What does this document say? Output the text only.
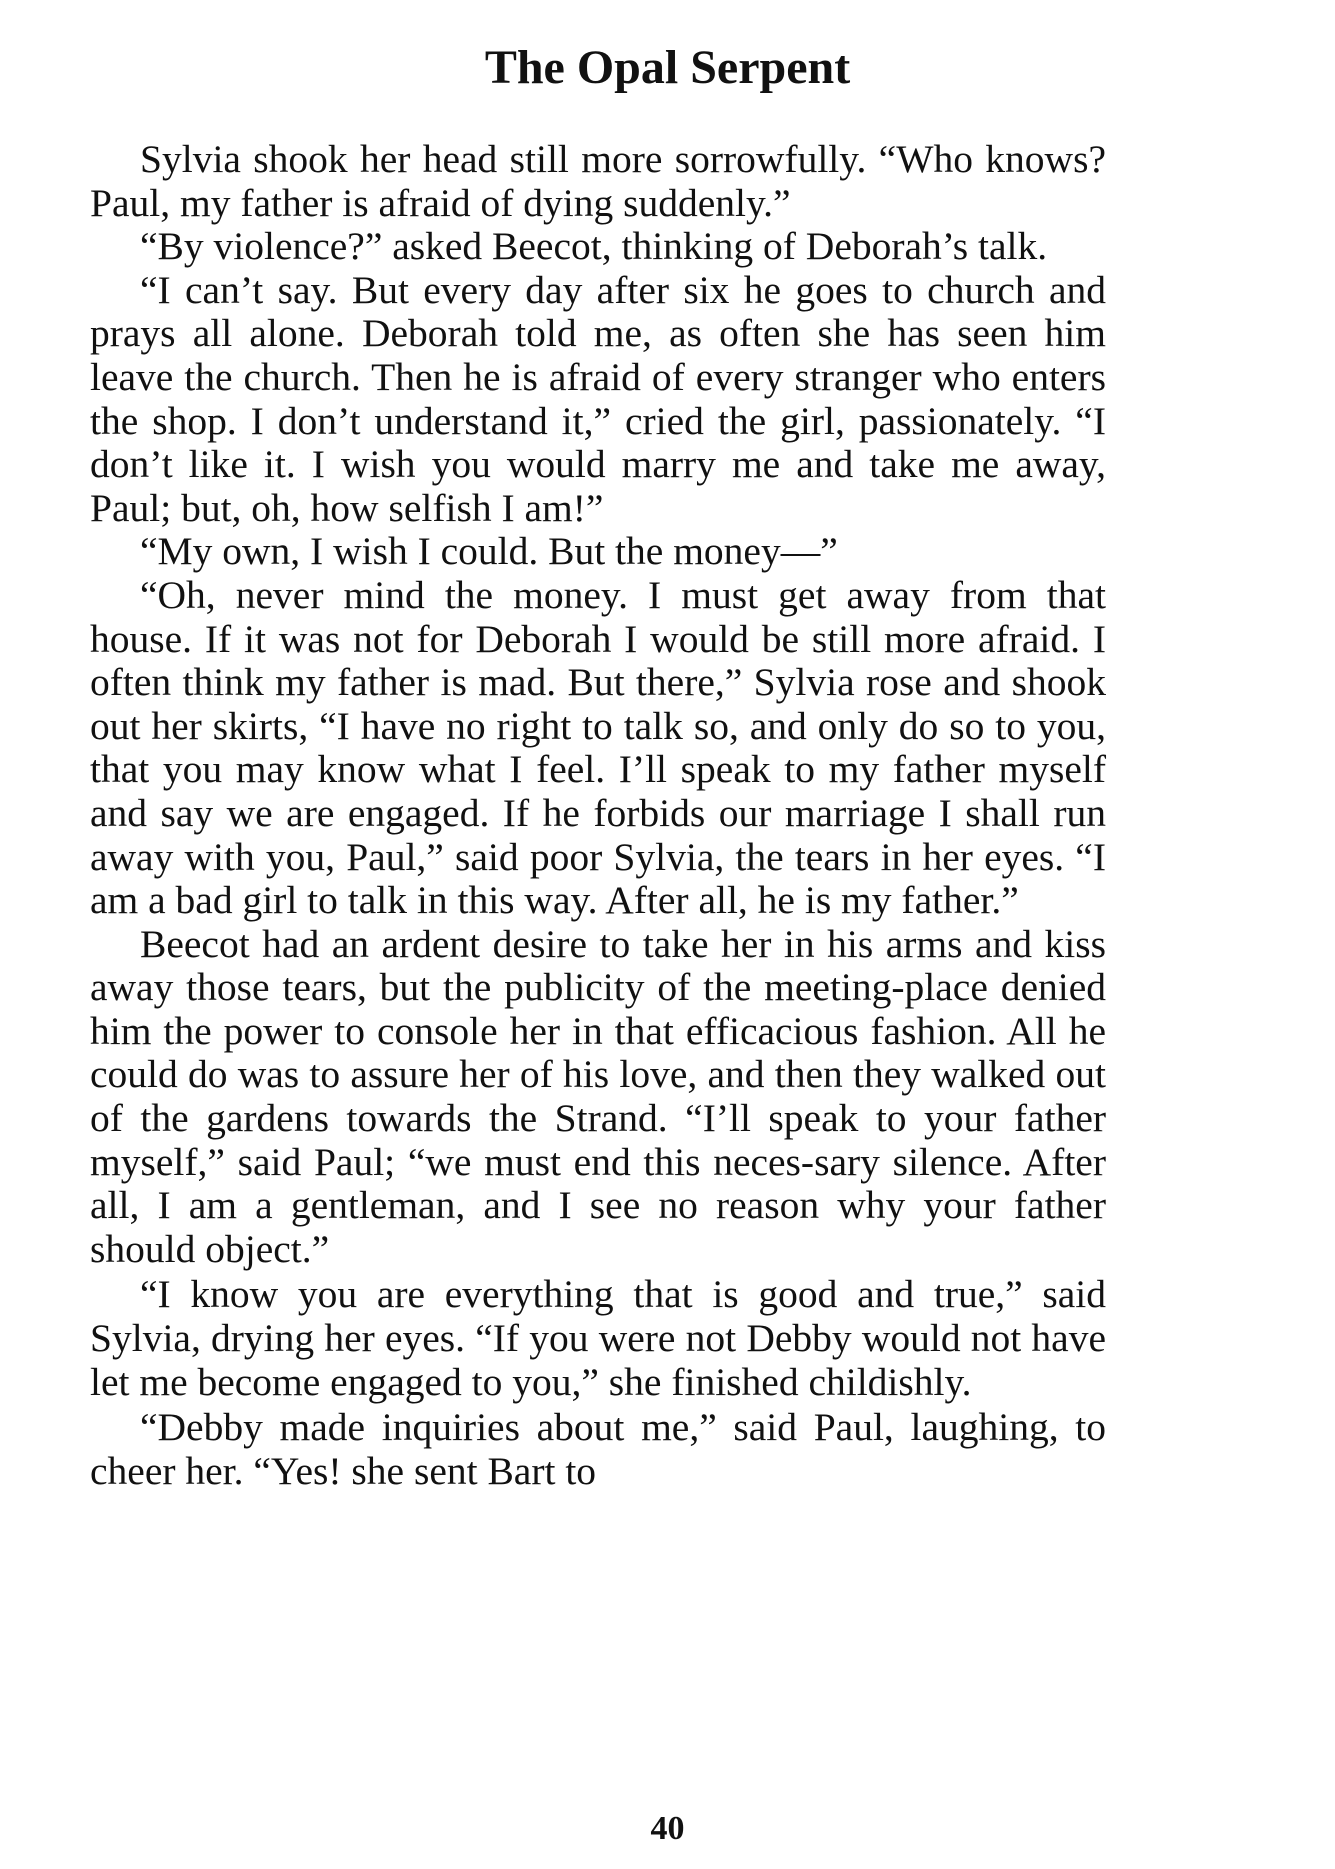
The Opal Serpent

Sylvia shook her head still more sorrowfully. “Who knows? Paul, my father is afraid of dying suddenly.”

“By violence?” asked Beecot, thinking of Deborah’s talk.

“I can’t say. But every day after six he goes to church and prays all alone. Deborah told me, as often she has seen him leave the church. Then he is afraid of every stranger who enters the shop. I don’t understand it,” cried the girl, passionately. “I don’t like it. I wish you would marry me and take me away, Paul; but, oh, how selfish I am!”

“My own, I wish I could. But the money—”

“Oh, never mind the money. I must get away from that house. If it was not for Deborah I would be still more afraid. I often think my father is mad. But there,” Sylvia rose and shook out her skirts, “I have no right to talk so, and only do so to you, that you may know what I feel. I’ll speak to my father myself and say we are engaged. If he forbids our marriage I shall run away with you, Paul,” said poor Sylvia, the tears in her eyes. “I am a bad girl to talk in this way. After all, he is my father.”

Beecot had an ardent desire to take her in his arms and kiss away those tears, but the publicity of the meeting-place denied him the power to console her in that efficacious fashion. All he could do was to assure her of his love, and then they walked out of the gardens towards the Strand. “I’ll speak to your father myself,” said Paul; “we must end this neces-sary silence. After all, I am a gentleman, and I see no reason why your father should object.”

“I know you are everything that is good and true,” said Sylvia, drying her eyes. “If you were not Debby would not have let me become engaged to you,” she finished childishly.

“Debby made inquiries about me,” said Paul, laughing, to cheer her. “Yes! she sent Bart to

40
